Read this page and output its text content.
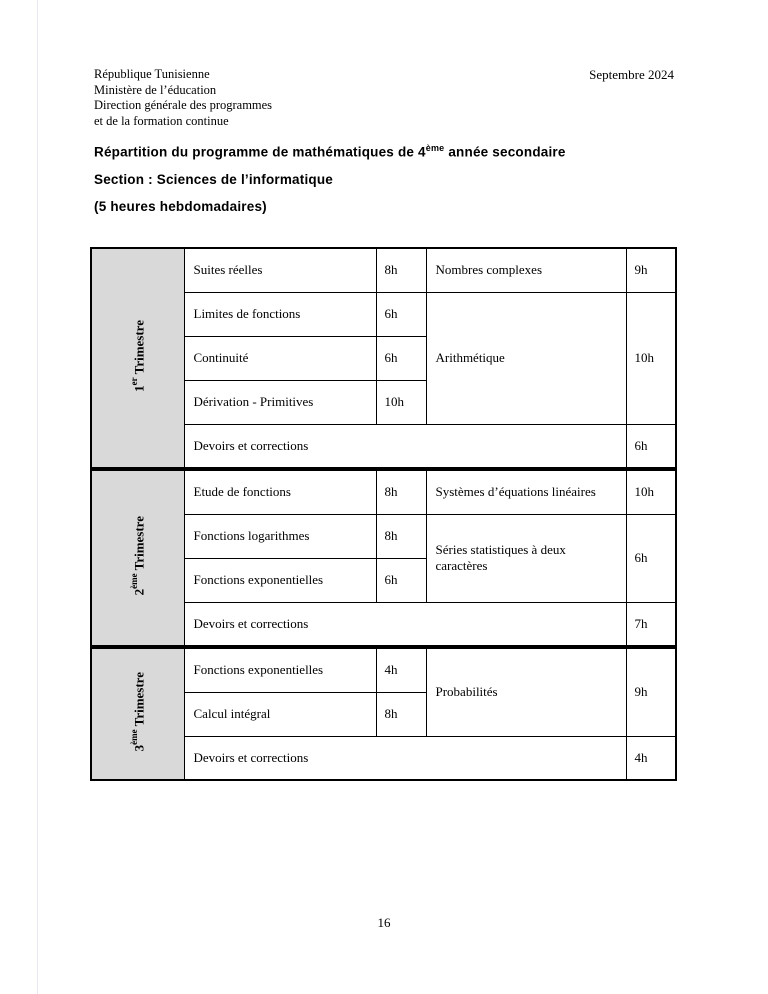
République Tunisienne
Ministère de l’éducation
Direction générale des programmes
et de la formation continue
Septembre 2024
Répartition du programme de mathématiques de 4ème année secondaire
Section : Sciences de l’informatique
(5 heures hebdomadaires)
1er Trimestre	Suites réelles	8h	Nombres complexes	9h
	Limites de fonctions	6h	Arithmétique	10h
	Continuité	6h		
	Dérivation - Primitives	10h		
	Devoirs et corrections			6h
2ème Trimestre	Etude de fonctions	8h	Systèmes d’équations linéaires	10h
	Fonctions logarithmes	8h	Séries statistiques à deux caractères	6h
	Fonctions exponentielles	6h		
	Devoirs et corrections			7h
3ème Trimestre	Fonctions exponentielles	4h	Probabilités	9h
	Calcul intégral	8h		
	Devoirs et corrections			4h
16
